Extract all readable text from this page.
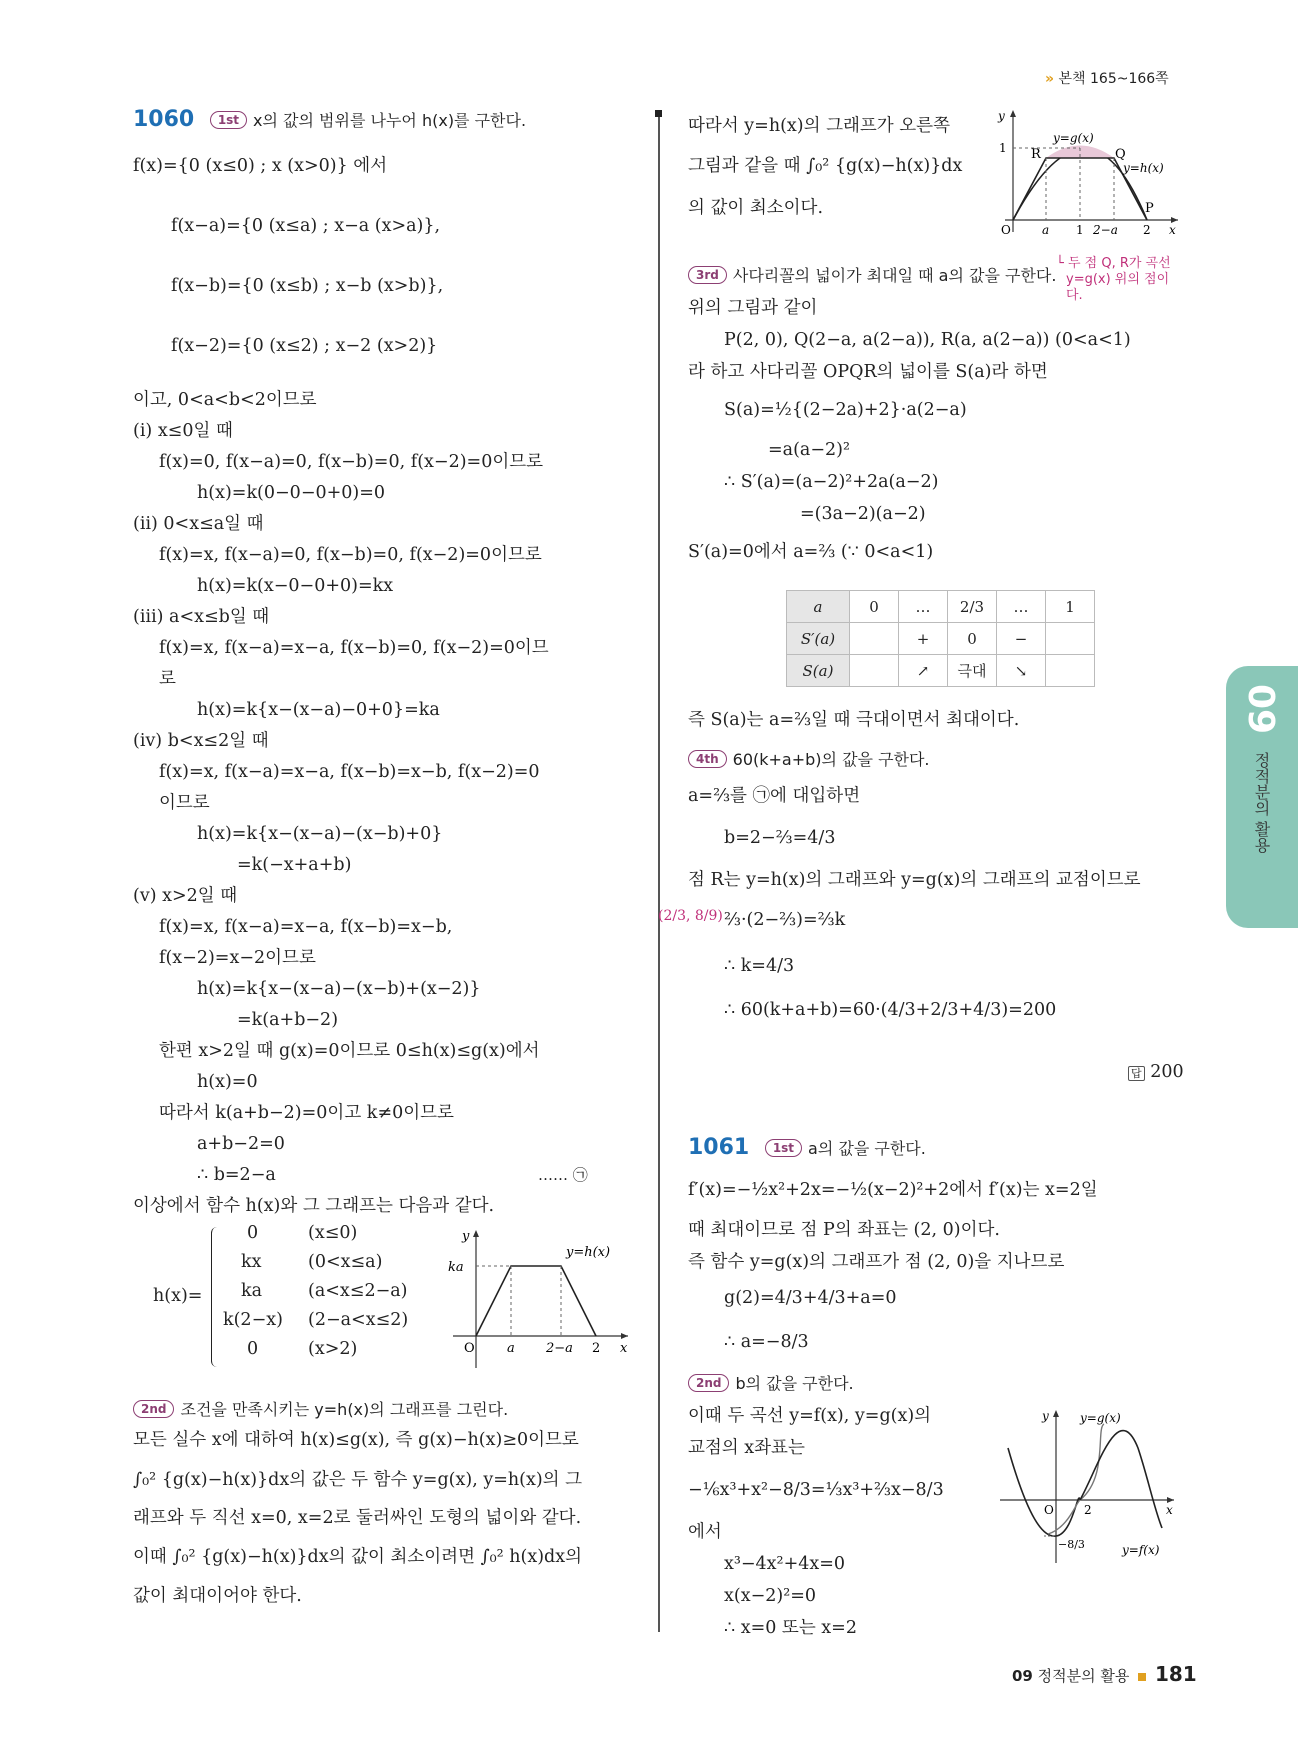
» 본책 165~166쪽
09
정적분의 활용
1060 1st x의 값의 범위를 나누어 h(x)를 구한다.
f(x)={0 (x≤0) ; x (x>0)} 에서
f(x−a)={0 (x≤a) ; x−a (x>a)},
f(x−b)={0 (x≤b) ; x−b (x>b)},
f(x−2)={0 (x≤2) ; x−2 (x>2)}
이고, 0<a<b<2이므로
(ⅰ) x≤0일 때
f(x)=0, f(x−a)=0, f(x−b)=0, f(x−2)=0이므로
h(x)=k(0−0−0+0)=0
(ⅱ) 0<x≤a일 때
f(x)=x, f(x−a)=0, f(x−b)=0, f(x−2)=0이므로
h(x)=k(x−0−0+0)=kx
(ⅲ) a<x≤b일 때
f(x)=x, f(x−a)=x−a, f(x−b)=0, f(x−2)=0이므
로
h(x)=k{x−(x−a)−0+0}=ka
(ⅳ) b<x≤2일 때
f(x)=x, f(x−a)=x−a, f(x−b)=x−b, f(x−2)=0
이므로
h(x)=k{x−(x−a)−(x−b)+0}
=k(−x+a+b)
(ⅴ) x>2일 때
f(x)=x, f(x−a)=x−a, f(x−b)=x−b,
f(x−2)=x−2이므로
h(x)=k{x−(x−a)−(x−b)+(x−2)}
=k(a+b−2)
한편 x>2일 때 g(x)=0이므로 0≤h(x)≤g(x)에서
h(x)=0
따라서 k(a+b−2)=0이고 k≠0이므로
a+b−2=0
∴ b=2−a	…… ㉠
이상에서 함수 h(x)와 그 그래프는 다음과 같다.
h(x)=
0	(x≤0)
kx	(0<x≤a)
ka	(a<x≤2−a)
k(2−x) (2−a<x≤2)
0	(x>2)
y
O
ka
a 2−a 2 x
y=h(x)
2nd 조건을 만족시키는 y=h(x)의 그래프를 그린다.
모든 실수 x에 대하여 h(x)≤g(x), 즉 g(x)−h(x)≥0이므로
∫₀² {g(x)−h(x)}dx의 값은 두 함수 y=g(x), y=h(x)의 그
래프와 두 직선 x=0, x=2로 둘러싸인 도형의 넓이와 같다.
이때 ∫₀² {g(x)−h(x)}dx의 값이 최소이려면 ∫₀² h(x)dx의
값이 최대이어야 한다.
따라서 y=h(x)의 그래프가 오른쪽
그림과 같을 때 ∫₀² {g(x)−h(x)}dx
의 값이 최소이다.
y
1
O
R	Q
P
y=g(x)
y=h(x)
a 1 2−a 2 x
└ 두 점 Q, R가 곡선
y=g(x) 위의 점이다.
3rd 사다리꼴의 넓이가 최대일 때 a의 값을 구한다.
위의 그림과 같이
P(2, 0), Q(2−a, a(2−a)), R(a, a(2−a)) (0<a<1)
라 하고 사다리꼴 OPQR의 넓이를 S(a)라 하면
S(a)=½{(2−2a)+2}·a(2−a)
=a(a−2)²
∴ S′(a)=(a−2)²+2a(a−2)
=(3a−2)(a−2)
S′(a)=0에서 a=⅔ (∵ 0<a<1)
a	0	…	2/3	…	1
S′(a)		+	0	−	
S(a)		↗	극대	↘	
즉 S(a)는 a=⅔일 때 극대이면서 최대이다.
4th 60(k+a+b)의 값을 구한다.
a=⅔를 ㉠에 대입하면
b=2−⅔=4/3
점 R는 y=h(x)의 그래프와 y=g(x)의 그래프의 교점이므로
(2/3, 8/9) ⅔·(2−⅔)=⅔k
∴ k=4/3
∴ 60(k+a+b)=60·(4/3+2/3+4/3)=200
답 200
1061 1st a의 값을 구한다.
f′(x)=−½x²+2x=−½(x−2)²+2에서 f′(x)는 x=2일
때 최대이므로 점 P의 좌표는 (2, 0)이다.
즉 함수 y=g(x)의 그래프가 점 (2, 0)을 지나므로
g(2)=4/3+4/3+a=0
∴ a=−8/3
2nd b의 값을 구한다.
이때 두 곡선 y=f(x), y=g(x)의
교점의 x좌표는
−⅙x³+x²−8/3=⅓x³+⅔x−8/3
에서
x³−4x²+4x=0
x(x−2)²=0
∴ x=0 또는 x=2
y
O	2	x
y=g(x)
y=f(x)
−8/3
09 정적분의 활용 181
